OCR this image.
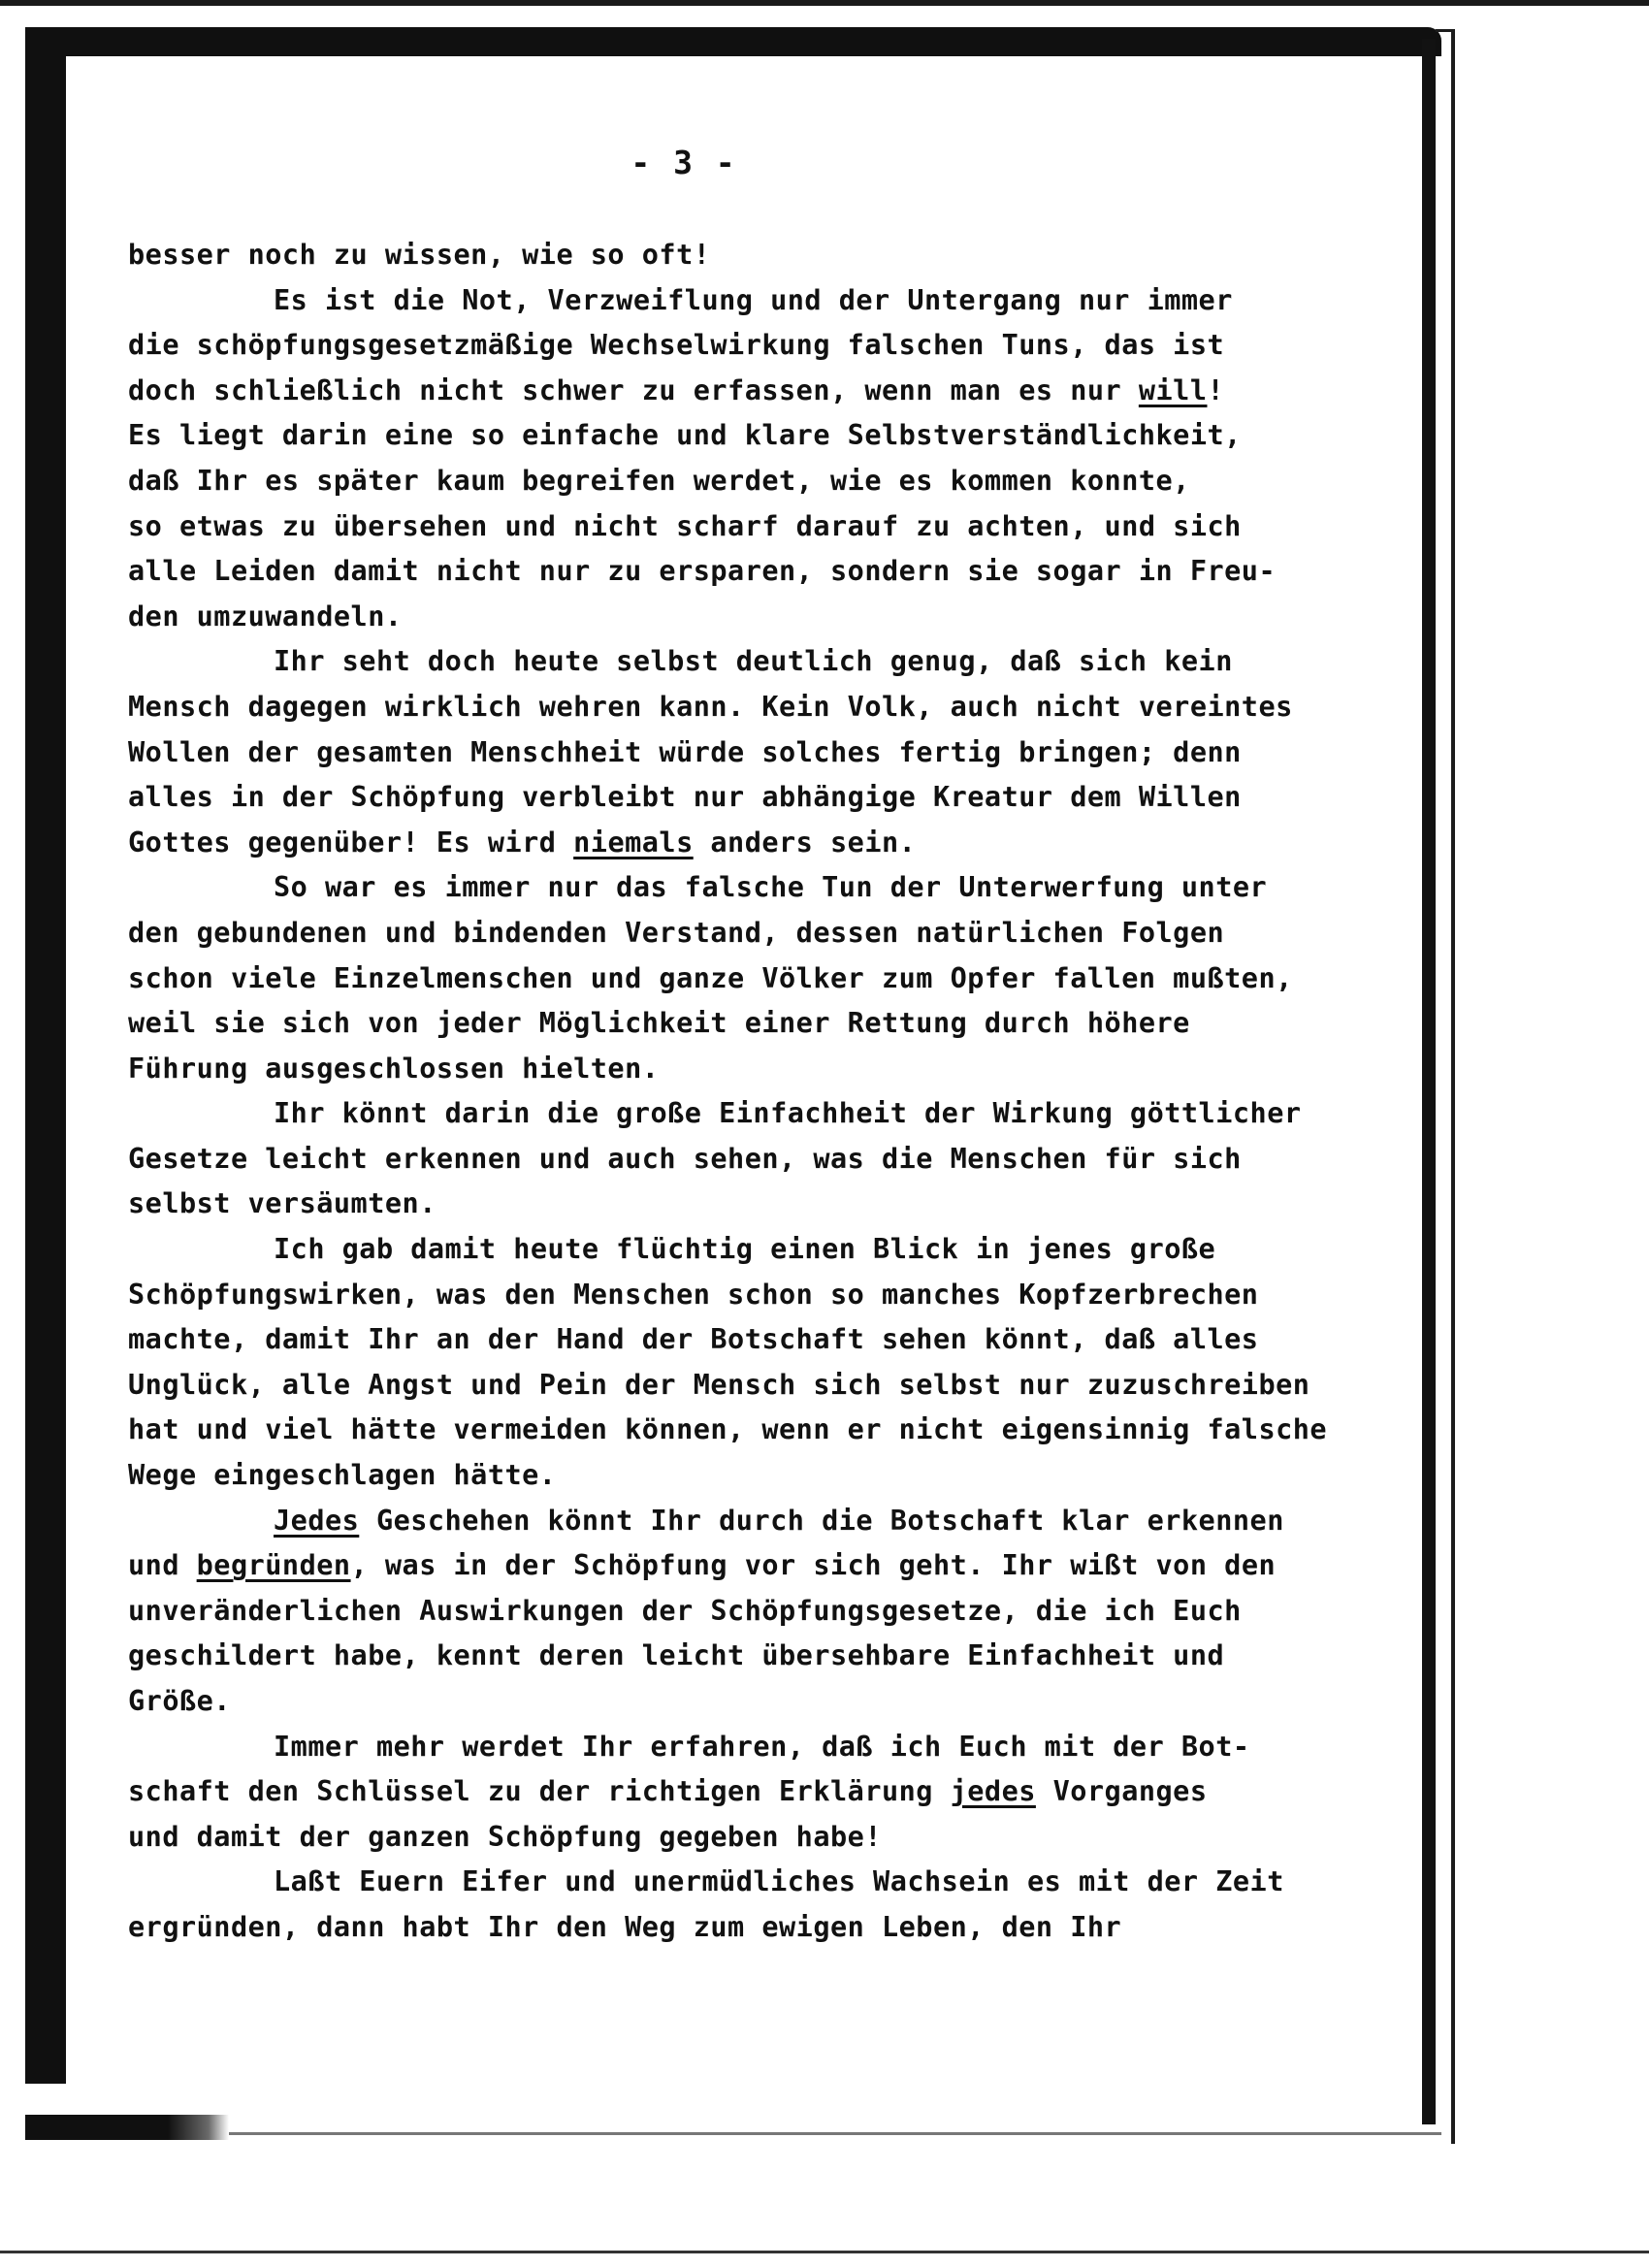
- 3 -
besser noch zu wissen, wie so oft!
Es ist die Not, Verzweiflung und der Untergang nur immer
die schöpfungsgesetzmäßige Wechselwirkung falschen Tuns, das ist
doch schließlich nicht schwer zu erfassen, wenn man es nur will!
Es liegt darin eine so einfache und klare Selbstverständlichkeit,
daß Ihr es später kaum begreifen werdet, wie es kommen konnte,
so etwas zu übersehen und nicht scharf darauf zu achten, und sich
alle Leiden damit nicht nur zu ersparen, sondern sie sogar in Freu-
den umzuwandeln.
Ihr seht doch heute selbst deutlich genug, daß sich kein
Mensch dagegen wirklich wehren kann. Kein Volk, auch nicht vereintes
Wollen der gesamten Menschheit würde solches fertig bringen; denn
alles in der Schöpfung verbleibt nur abhängige Kreatur dem Willen
Gottes gegenüber! Es wird niemals anders sein.
So war es immer nur das falsche Tun der Unterwerfung unter
den gebundenen und bindenden Verstand, dessen natürlichen Folgen
schon viele Einzelmenschen und ganze Völker zum Opfer fallen mußten,
weil sie sich von jeder Möglichkeit einer Rettung durch höhere
Führung ausgeschlossen hielten.
Ihr könnt darin die große Einfachheit der Wirkung göttlicher
Gesetze leicht erkennen und auch sehen, was die Menschen für sich
selbst versäumten.
Ich gab damit heute flüchtig einen Blick in jenes große
Schöpfungswirken, was den Menschen schon so manches Kopfzerbrechen
machte, damit Ihr an der Hand der Botschaft sehen könnt, daß alles
Unglück, alle Angst und Pein der Mensch sich selbst nur zuzuschreiben
hat und viel hätte vermeiden können, wenn er nicht eigensinnig falsche
Wege eingeschlagen hätte.
Jedes Geschehen könnt Ihr durch die Botschaft klar erkennen
und begründen, was in der Schöpfung vor sich geht. Ihr wißt von den
unveränderlichen Auswirkungen der Schöpfungsgesetze, die ich Euch
geschildert habe, kennt deren leicht übersehbare Einfachheit und
Größe.
Immer mehr werdet Ihr erfahren, daß ich Euch mit der Bot-
schaft den Schlüssel zu der richtigen Erklärung jedes Vorganges
und damit der ganzen Schöpfung gegeben habe!
Laßt Euern Eifer und unermüdliches Wachsein es mit der Zeit
ergründen, dann habt Ihr den Weg zum ewigen Leben, den Ihr
